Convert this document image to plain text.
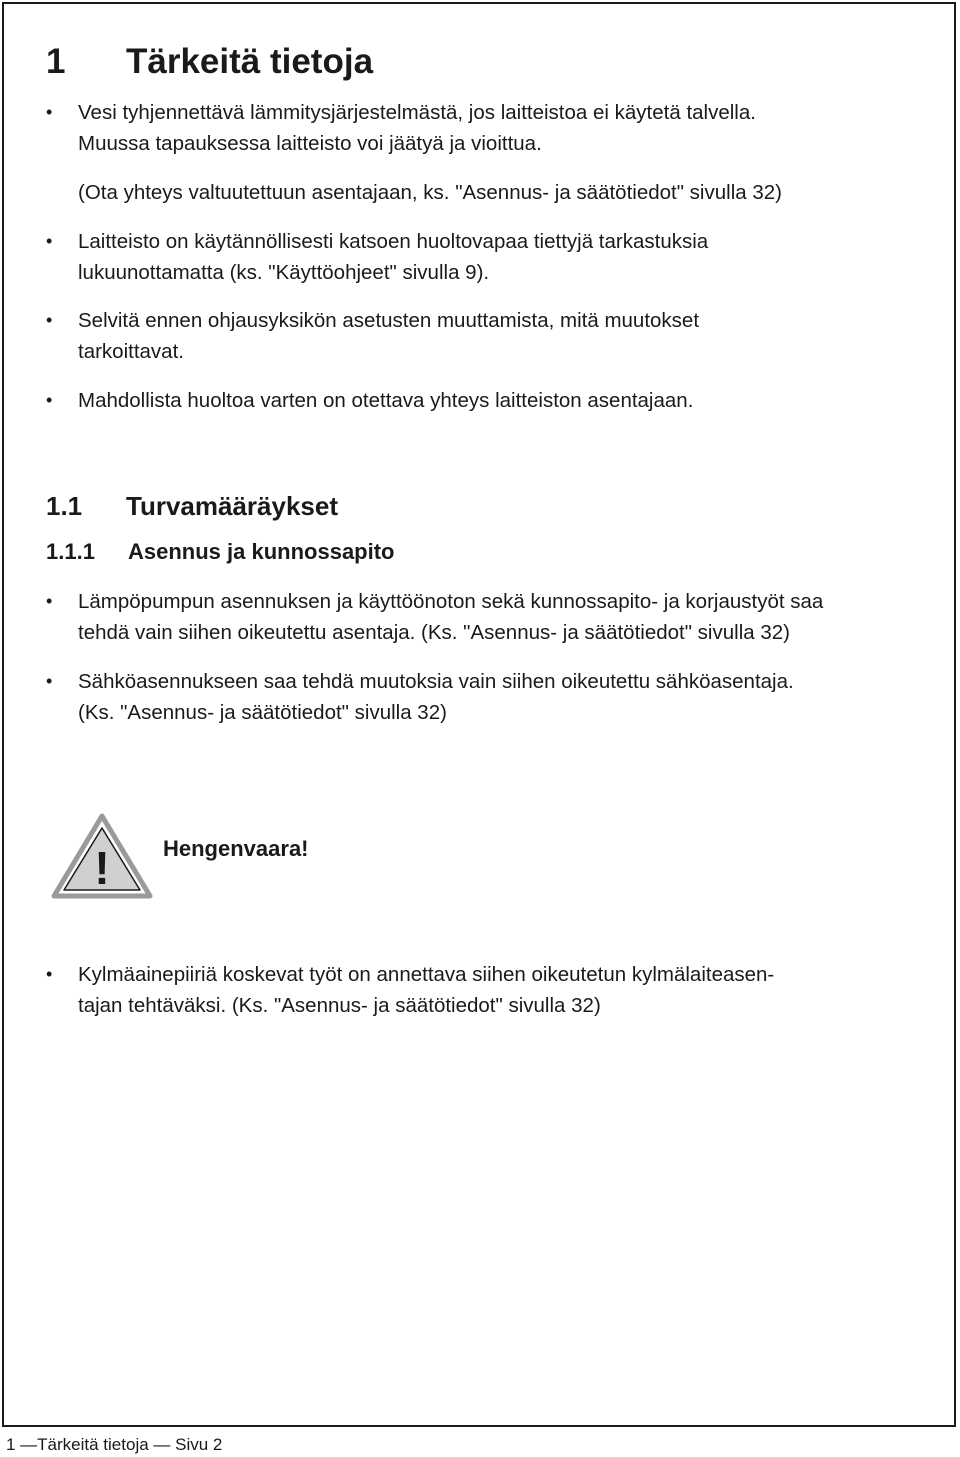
1 Tärkeitä tietoja
•	Vesi tyhjennettävä lämmitysjärjestelmästä, jos laitteistoa ei käytetä talvella.
Muussa tapauksessa laitteisto voi jäätyä ja vioittua.
(Ota yhteys valtuutettuun asentajaan, ks. "Asennus- ja säätötiedot" sivulla 32)
•	Laitteisto on käytännöllisesti katsoen huoltovapaa tiettyjä tarkastuksia
lukuunottamatta (ks. "Käyttöohjeet" sivulla 9).
•	Selvitä ennen ohjausyksikön asetusten muuttamista, mitä muutokset
tarkoittavat.
•	Mahdollista huoltoa varten on otettava yhteys laitteiston asentajaan.
1.1 Turvamääräykset
1.1.1 Asennus ja kunnossapito
•	Lämpöpumpun asennuksen ja käyttöönoton sekä kunnossapito- ja korjaustyöt saa
tehdä vain siihen oikeutettu asentaja. (Ks. "Asennus- ja säätötiedot" sivulla 32)
•	Sähköasennukseen saa tehdä muutoksia vain siihen oikeutettu sähköasentaja.
(Ks. "Asennus- ja säätötiedot" sivulla 32)
! Hengenvaara!
•	Kylmäainepiiriä koskevat työt on annettava siihen oikeutetun kylmälaiteasen-
tajan tehtäväksi. (Ks. "Asennus- ja säätötiedot" sivulla 32)
1 —Tärkeitä tietoja — Sivu 2
